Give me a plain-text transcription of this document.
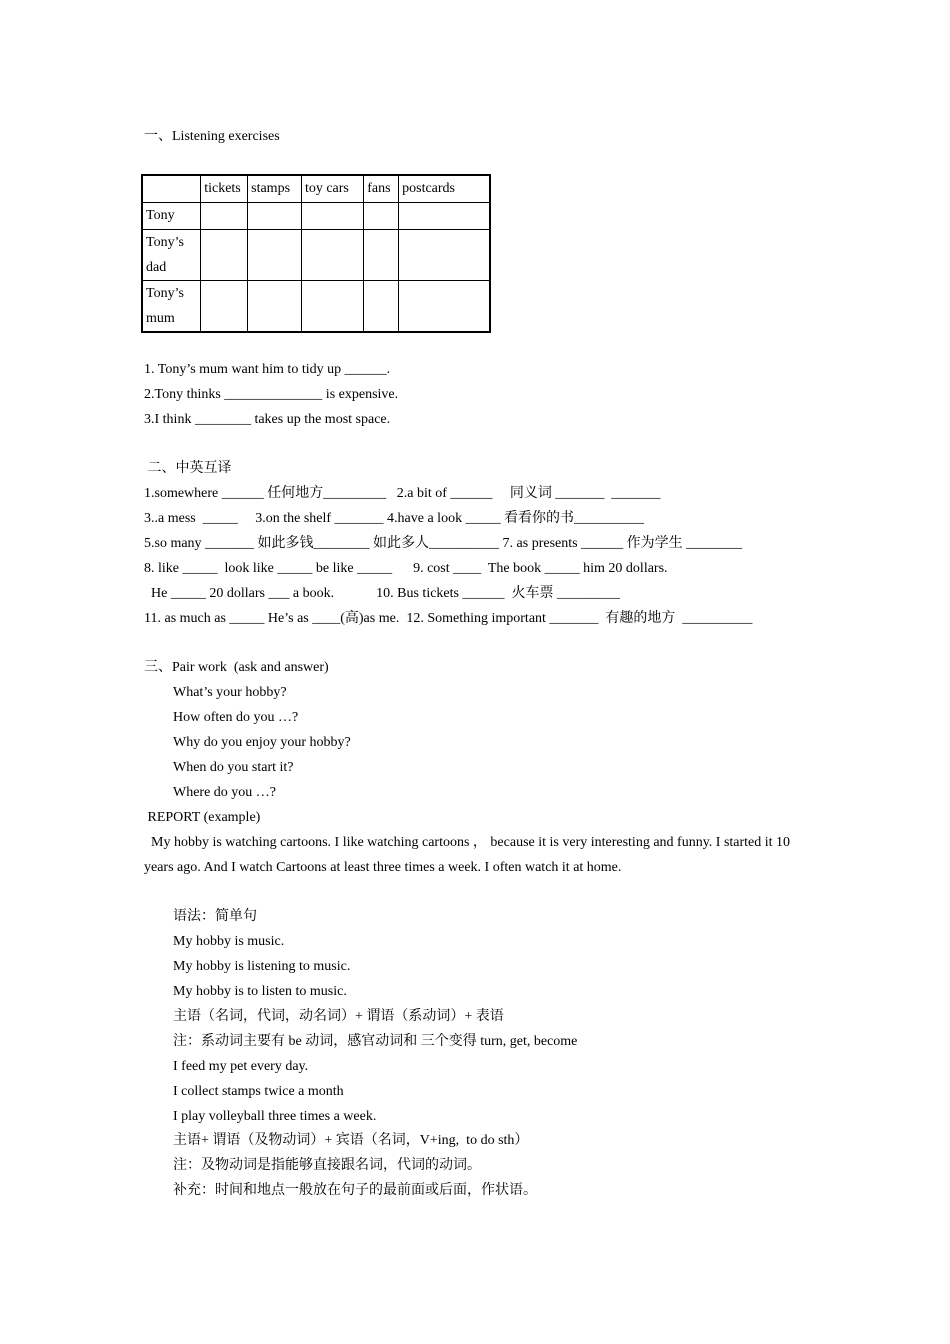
一、Listening exercises
	tickets	stamps	toy cars	fans	postcards
Tony					
Tony’s dad					
Tony’s mum					
1. Tony’s mum want him to tidy up ______.
2.Tony thinks ______________ is expensive.
3.I think ________ takes up the most space.
二、中英互译
1.somewhere ______ 任何地方_________   2.a bit of ______     同义词 _______  _______
3..a mess  _____     3.on the shelf _______ 4.have a look _____ 看看你的书__________
5.so many _______ 如此多钱________ 如此多人__________ 7. as presents ______ 作为学生 ________
8. like _____  look like _____ be like _____      9. cost ____  The book _____ him 20 dollars.
He _____ 20 dollars ___ a book.            10. Bus tickets ______  火车票 _________
11. as much as _____ He’s as ____(高)as me.  12. Something important _______  有趣的地方  __________
三、Pair work  (ask and answer)
What’s your hobby?
How often do you …?
Why do you enjoy your hobby?
When do you start it?
Where do you …?
REPORT (example)
My hobby is watching cartoons. I like watching cartoons ， because it is very interesting and funny. I started it 10
years ago. And I watch Cartoons at least three times a week. I often watch it at home.
语法：简单句
My hobby is music.
My hobby is listening to music.
My hobby is to listen to music.
主语（名词，代词，动名词）+ 谓语（系动词）+ 表语
注：系动词主要有 be 动词，感官动词和 三个变得 turn, get, become
I feed my pet every day.
I collect stamps twice a month
I play volleyball three times a week.
主语+ 谓语（及物动词）+ 宾语（名词，V+ing,  to do sth）
注：及物动词是指能够直接跟名词，代词的动词。
补充：时间和地点一般放在句子的最前面或后面，作状语。
